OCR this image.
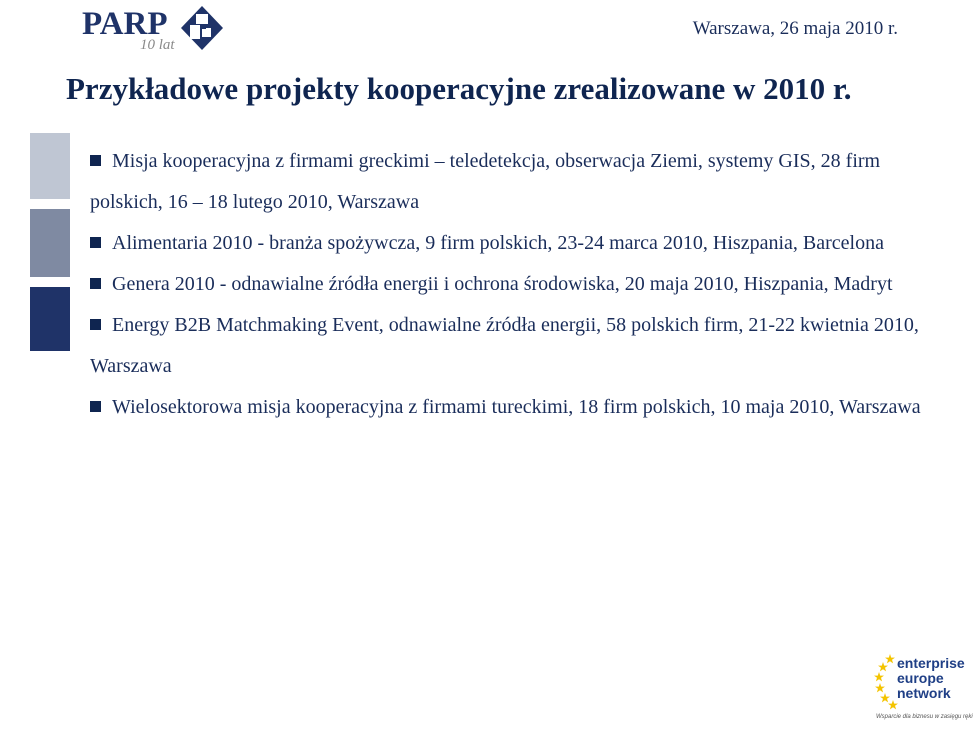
PARP
10 lat
Warszawa, 26 maja 2010 r.
Przykładowe projekty kooperacyjne zrealizowane w 2010 r.
Misja kooperacyjna z firmami greckimi – teledetekcja, obserwacja Ziemi, systemy GIS, 28 firm polskich, 16 – 18 lutego 2010, Warszawa
Alimentaria 2010 - branża spożywcza, 9 firm polskich, 23-24 marca 2010, Hiszpania, Barcelona
Genera 2010 - odnawialne źródła energii i ochrona środowiska, 20 maja 2010, Hiszpania, Madryt
Energy B2B Matchmaking Event, odnawialne źródła energii, 58 polskich firm, 21-22 kwietnia 2010, Warszawa
Wielosektorowa misja kooperacyjna z firmami tureckimi, 18 firm polskich, 10 maja 2010, Warszawa
enterprise
europe
network
Wsparcie dla biznesu w zasięgu ręki
